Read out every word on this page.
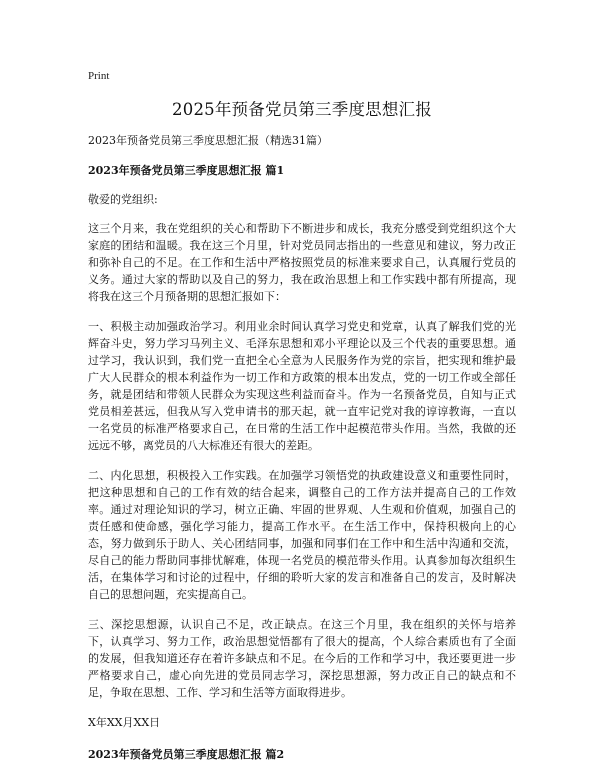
Print
2025年预备党员第三季度思想汇报
2023年预备党员第三季度思想汇报（精选31篇）
2023年预备党员第三季度思想汇报 篇1
敬爱的党组织:

这三个月来，我在党组织的关心和帮助下不断进步和成长，我充分感受到党组织这个大家庭的团结和温暖。我在这三个月里，针对党员同志指出的一些意见和建议，努力改正和弥补自己的不足。在工作和生活中严格按照党员的标准来要求自己，认真履行党员的义务。通过大家的帮助以及自己的努力，我在政治思想上和工作实践中都有所提高，现将我在这三个月预备期的思想汇报如下：

一、积极主动加强政治学习。利用业余时间认真学习党史和党章，认真了解我们党的光辉奋斗史，努力学习马列主义、毛泽东思想和邓小平理论以及三个代表的重要思想。通过学习，我认识到，我们党一直把全心全意为人民服务作为党的宗旨，把实现和维护最广大人民群众的根本利益作为一切工作和方政策的根本出发点，党的一切工作或全部任务，就是团结和带领人民群众为实现这些利益而奋斗。作为一名预备党员，自知与正式党员相差甚远，但我从写入党申请书的那天起，就一直牢记党对我的谆谆教诲，一直以一名党员的标准严格要求自己，在日常的生活工作中起模范带头作用。当然，我做的还远远不够，离党员的八大标准还有很大的差距。

二、内化思想，积极投入工作实践。在加强学习领悟党的执政建设意义和重要性同时，把这种思想和自己的工作有效的结合起来，调整自己的工作方法并提高自己的工作效率。通过对理论知识的学习，树立正确、牢固的世界观、人生观和价值观，加强自己的责任感和使命感，强化学习能力，提高工作水平。在生活工作中，保持积极向上的心态，努力做到乐于助人、关心团结同事，加强和同事们在工作中和生活中沟通和交流，尽自己的能力帮助同事排忧解难，体现一名党员的模范带头作用。认真参加每次组织生活，在集体学习和讨论的过程中，仔细的聆听大家的发言和准备自己的发言，及时解决自己的思想问题，充实提高自己。

三、深挖思想源，认识自己不足，改正缺点。在这三个月里，我在组织的关怀与培养下，认真学习、努力工作，政治思想觉悟都有了很大的提高，个人综合素质也有了全面的发展，但我知道还存在着许多缺点和不足。在今后的工作和学习中，我还要更进一步严格要求自己，虚心向先进的党员同志学习，深挖思想源，努力改正自己的缺点和不足，争取在思想、工作、学习和生活等方面取得进步。

X年XX月XX日
2023年预备党员第三季度思想汇报 篇2
